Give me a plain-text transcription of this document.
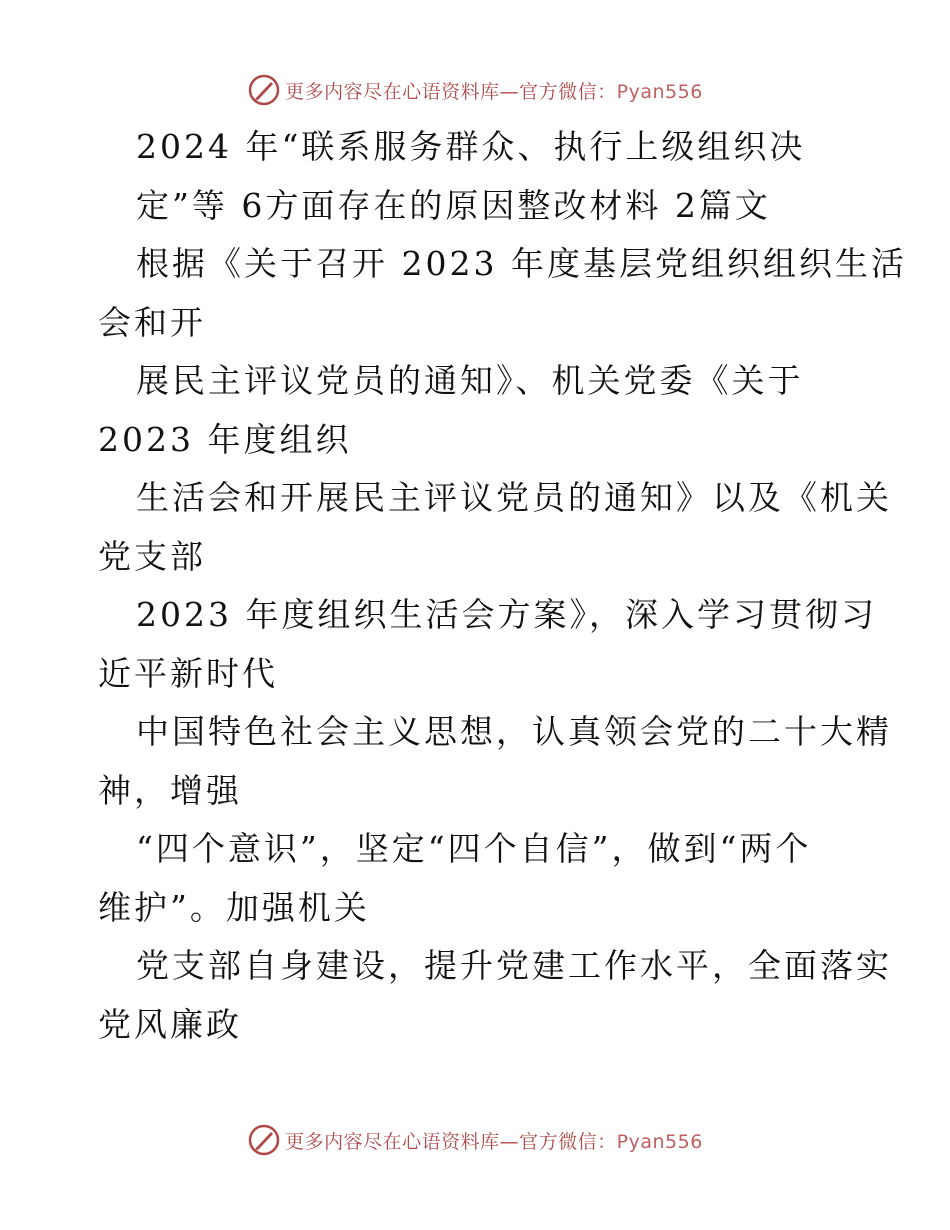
更多内容尽在心语资料库—官方微信：Pyan556
2024 年“联系服务群众、执行上级组织决
定”等 6方面存在的原因整改材料 2篇文
根据《关于召开 2023 年度基层党组织组织生活
会和开
展民主评议党员的通知》、机关党委《关于
2023 年度组织
生活会和开展民主评议党员的通知》以及《机关
党支部
2023 年度组织生活会方案》，深入学习贯彻习
近平新时代
中国特色社会主义思想，认真领会党的二十大精
神，增强
“四个意识”，坚定“四个自信”，做到“两个
维护”。加强机关
党支部自身建设，提升党建工作水平，全面落实
党风廉政
更多内容尽在心语资料库—官方微信：Pyan556
